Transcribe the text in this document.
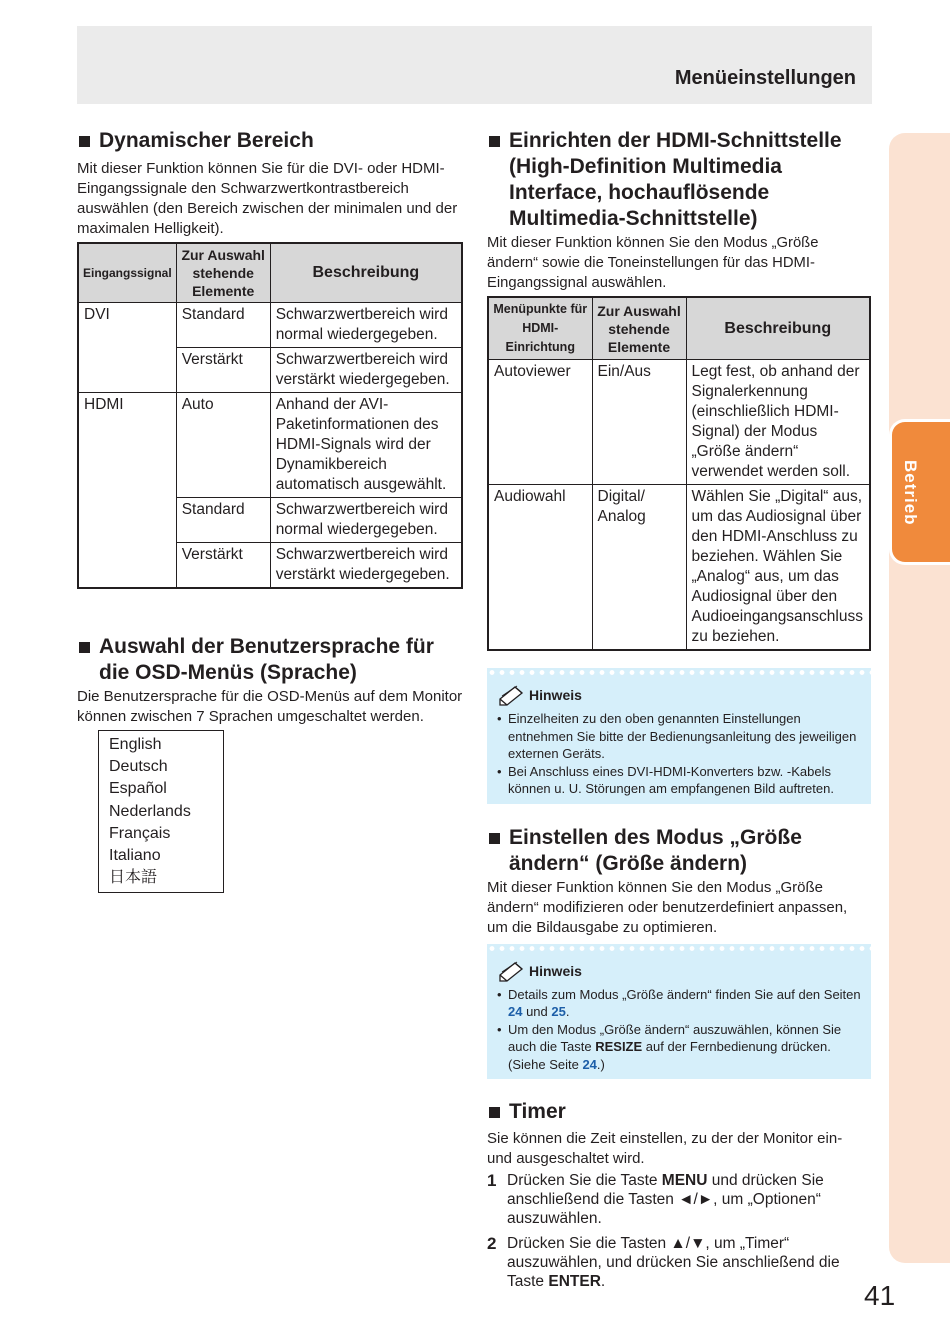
Menüeinstellungen
Betrieb
Dynamischer Bereich

Mit dieser Funktion können Sie für die DVI- oder HDMI-Eingangssignale den Schwarzwertkontrastbereich auswählen (den Bereich zwischen der minimalen und der maximalen Helligkeit).

Eingangssignal	Zur Auswahl stehende Elemente	Beschreibung
DVI	Standard	Schwarzwertbereich wird normal wiedergegeben.
	Verstärkt	Schwarzwertbereich wird verstärkt wiedergegeben.
HDMI	Auto	Anhand der AVI-Paketinformationen des HDMI-Signals wird der Dynamikbereich automatisch ausgewählt.
	Standard	Schwarzwertbereich wird normal wiedergegeben.
	Verstärkt	Schwarzwertbereich wird verstärkt wiedergegeben.
Auswahl der Benutzersprache für die OSD-Menüs (Sprache)

Die Benutzersprache für die OSD-Menüs auf dem Monitor können zwischen 7 Sprachen umgeschaltet werden.

English
Deutsch
Español
Nederlands
Français
Italiano
日本語
Einrichten der HDMI-Schnittstelle (High-Definition Multimedia Interface, hochauflösende Multimedia-Schnittstelle)

Mit dieser Funktion können Sie den Modus „Größe ändern“ sowie die Toneinstellungen für das HDMI-Eingangssignal auswählen.

Menüpunkte für HDMI-Einrichtung	Zur Auswahl stehende Elemente	Beschreibung
Autoviewer	Ein/Aus	Legt fest, ob anhand der Signalerkennung (einschließlich HDMI-Signal) der Modus „Größe ändern“ verwendet werden soll.
Audiowahl	Digital/ Analog	Wählen Sie „Digital“ aus, um das Audiosignal über den HDMI-Anschluss zu beziehen. Wählen Sie „Analog“ aus, um das Audiosignal über den Audioeingangsanschluss zu beziehen.
Hinweis
• Einzelheiten zu den oben genannten Einstellungen entnehmen Sie bitte der Bedienungsanleitung des jeweiligen externen Geräts.
• Bei Anschluss eines DVI-HDMI-Konverters bzw. -Kabels können u. U. Störungen am empfangenen Bild auftreten.
Einstellen des Modus „Größe ändern“ (Größe ändern)

Mit dieser Funktion können Sie den Modus „Größe ändern“ modifizieren oder benutzerdefiniert anpassen, um die Bildausgabe zu optimieren.

Hinweis
• Details zum Modus „Größe ändern“ finden Sie auf den Seiten 24 und 25.
• Um den Modus „Größe ändern“ auszuwählen, können Sie auch die Taste RESIZE auf der Fernbedienung drücken. (Siehe Seite 24.)
Timer

Sie können die Zeit einstellen, zu der der Monitor ein- und ausgeschaltet wird.

1 Drücken Sie die Taste MENU und drücken Sie anschließend die Tasten ◄/►, um „Optionen“ auszuwählen.
2 Drücken Sie die Tasten ▲/▼, um „Timer“ auszuwählen, und drücken Sie anschließend die Taste ENTER.	41
